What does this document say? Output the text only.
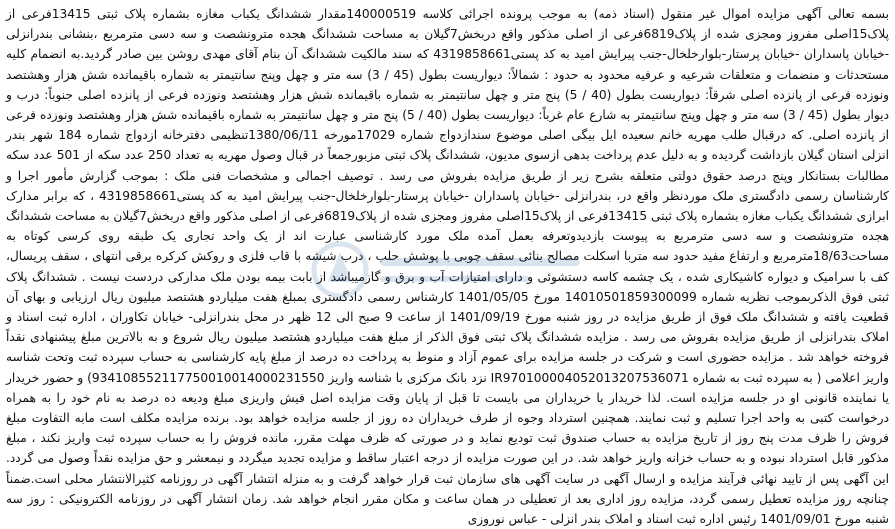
بسمه تعالی آگهی مزایده اموال غیر منقول (اسناد ذمه) به موجب پرونده اجرائی کلاسه 140000519مقدار ششدانگ یکباب مغازه بشماره پلاک ثبتی 13415فرعی از پلاک15اصلی مفروز ومجزی شده از پلاک6819فرعی از اصلی مذکور واقع دربخش7گیلان به مساحت ششدانگ هجده مترونشصت و سه دسی مترمربع ،بنشانی بندرانزلی -خیابان پاسداران -خیابان پرستار-بلوارخلخال-جنب پیرایش امید به کد پستی4319858661 که سند مالکیت ششدانگ آن بنام آقای مهدی روشن بین صادر گردید.به انضمام کلیه مستحدثات و منضمات و متعلقات شرعیه و عرفیه محدود به حدود : شمالاً: دیواریست بطول (45 / 3) سه متر و چهل وپنج سانتیمتر به شماره باقیمانده شش هزار وهشتصد ونوزده فرعی از پانزده اصلی شرقاً: دیواریست بطول (40 / 5) پنج متر و چهل سانتیمتر به شماره باقیمانده شش هزار وهشتصد ونوزده فرعی از پانزده اصلی جنوباً: درب و دیوار بطول (45 / 3) سه متر و چهل وپنج سانتیمتر به شارع عام غرباً: دیواریست بطول (40 / 5) پنج متر و چهل سانتیمتر به شماره باقیمانده شش هزار وهشتصد ونوزده فرعی از پانزده اصلی. که درقبال طلب مهریه خانم سعیده ایل بیگی اصلی موضوع سندازدواج شماره 17029مورخه 1380/06/11تنظیمی دفترخانه ازدواج شماره 184 شهر بندر انزلی استان گیلان بازداشت گردیده و به دلیل عدم پرداخت بدهی ازسوی مدیون، ششدانگ پلاک ثبتی مزبورجمعاً در قبال وصول مهریه به تعداد 250 عدد سکه از 501 عدد سکه مطالبات بستانکار وپنج درصد حقوق دولتی متعلقه بشرح زیر از طریق مزایده بفروش می رسد . توصیف اجمالی و مشخصات فنی ملک : بموجب گزارش مأمور اجرا و کارشناسان رسمی دادگستری ملک موردنظر واقع در، بندرانزلی -خیابان پاسداران -خیابان پرستار-بلوارخلخال-جنب پیرایش امید به کد پستی4319858661 ، که برابر مدارک ابرازی ششدانگ یکباب مغازه بشماره پلاک ثبتی 13415فرعی از پلاک15اصلی مفروز ومجزی شده از پلاک6819فرعی از اصلی مذکور واقع دربخش7گیلان به مساحت ششدانگ هجده مترونشصت و سه دسی مترمربع به پیوست بازدیدوتعرفه بعمل آمده ملک مورد کارشناسی عبارت اند از یک واحد تجاری یک طبقه روی کرسی کوتاه به مساحت18/63مترمربع و ارتفاع مفید حدود سه متربا اسکلت مصالح بنائی سقف چوبی با پوشش حلب ، درب شیشه با قاب فلزی و روکش کرکره برقی انتهای ، سقف پریسال، کف با سرامیک و دیواره کاشیکاری شده ، یک چشمه کاسه دستشوئی و دارای امتیازات آب و برق و گازمیباشد از بابت بیمه بودن ملک مدارکی دردست نیست . ششدانگ پلاک ثبتی فوق الذکربموجب نظریه شماره 14010501859300099 مورخ 1401/05/05 کارشناس رسمی دادگستری بمبلغ هفت میلیاردو هشتصد میلیون ریال ارزیابی و بهای آن قطعیت یافته و ششدانگ ملک فوق از طریق مزایده در روز شنبه مورخ 1401/09/19 از ساعت 9 صبح الی 12 ظهر در محل بندرانزلی- خیابان تکاوران ، اداره ثبت اسناد و املاک بندرانزلی از طریق مزایده بفروش می رسد . مزایده ششدانگ پلاک ثبتی فوق الذکر از مبلغ هفت میلیاردو هشتصد میلیون ریال شروع و به بالاترین مبلغ پیشنهادی نقداً فروخته خواهد شد . مزایده حضوری است و شرکت در جلسه مزایده برای عموم آزاد و منوط به پرداخت ده درصد از مبلغ پایه کارشناسی به حساب سپرده ثبت وتحت شناسه واریز اعلامی ( به سپرده ثبت به شماره IR970100004052013207536071 نزد بانک مرکزی با شناسه واریز 934108552117750010014000231550) و حضور خریدار یا نماینده قانونی او در جلسه مزایده است. لذا خریدار یا خریداران می بایست تا قبل از پایان وقت مزایده اصل فیش واریزی مبلغ ودیعه ده درصد به نام خود را به همراه درخواست کتبی به واحد اجرا تسلیم و ثبت نمایند. همچنین استرداد وجوه از طرف خریداران ده روز از جلسه مزایده خواهد بود. برنده مزایده مکلف است مابه التفاوت مبلغ فروش را ظرف مدت پنج روز از تاریخ مزایده به حساب صندوق ثبت تودیع نماید و در صورتی که ظرف مهلت مقرر، مانده فروش را به حساب سپرده ثبت واریز نکند ، مبلغ مذکور قابل استرداد نبوده و به حساب خزانه واریز خواهد شد. در این صورت مزایده از درجه اعتبار ساقط و مزایده تجدید میگردد و نیمعشر و حق مزایده نقداً وصول می گردد. این آگهی پس از تایید نهائی فرآیند مزایده و ارسال آگهی در سایت آگهی های سازمان ثبت قرار خواهد گرفت و به منزله انتشار آگهی در روزنامه کثیرالانتشار محلی است.ضمناً چنانچه روز مزایده تعطیل رسمی گردد، مزایده روز اداری بعد از تعطیلی در همان ساعت و مکان مقرر انجام خواهد شد. زمان انتشار آگهی در روزنامه الکترونیکی : روز سه شنبه مورخ 1401/09/01 رئیس اداره ثبت اسناد و املاک بندر انزلی - عباس نوروزی
